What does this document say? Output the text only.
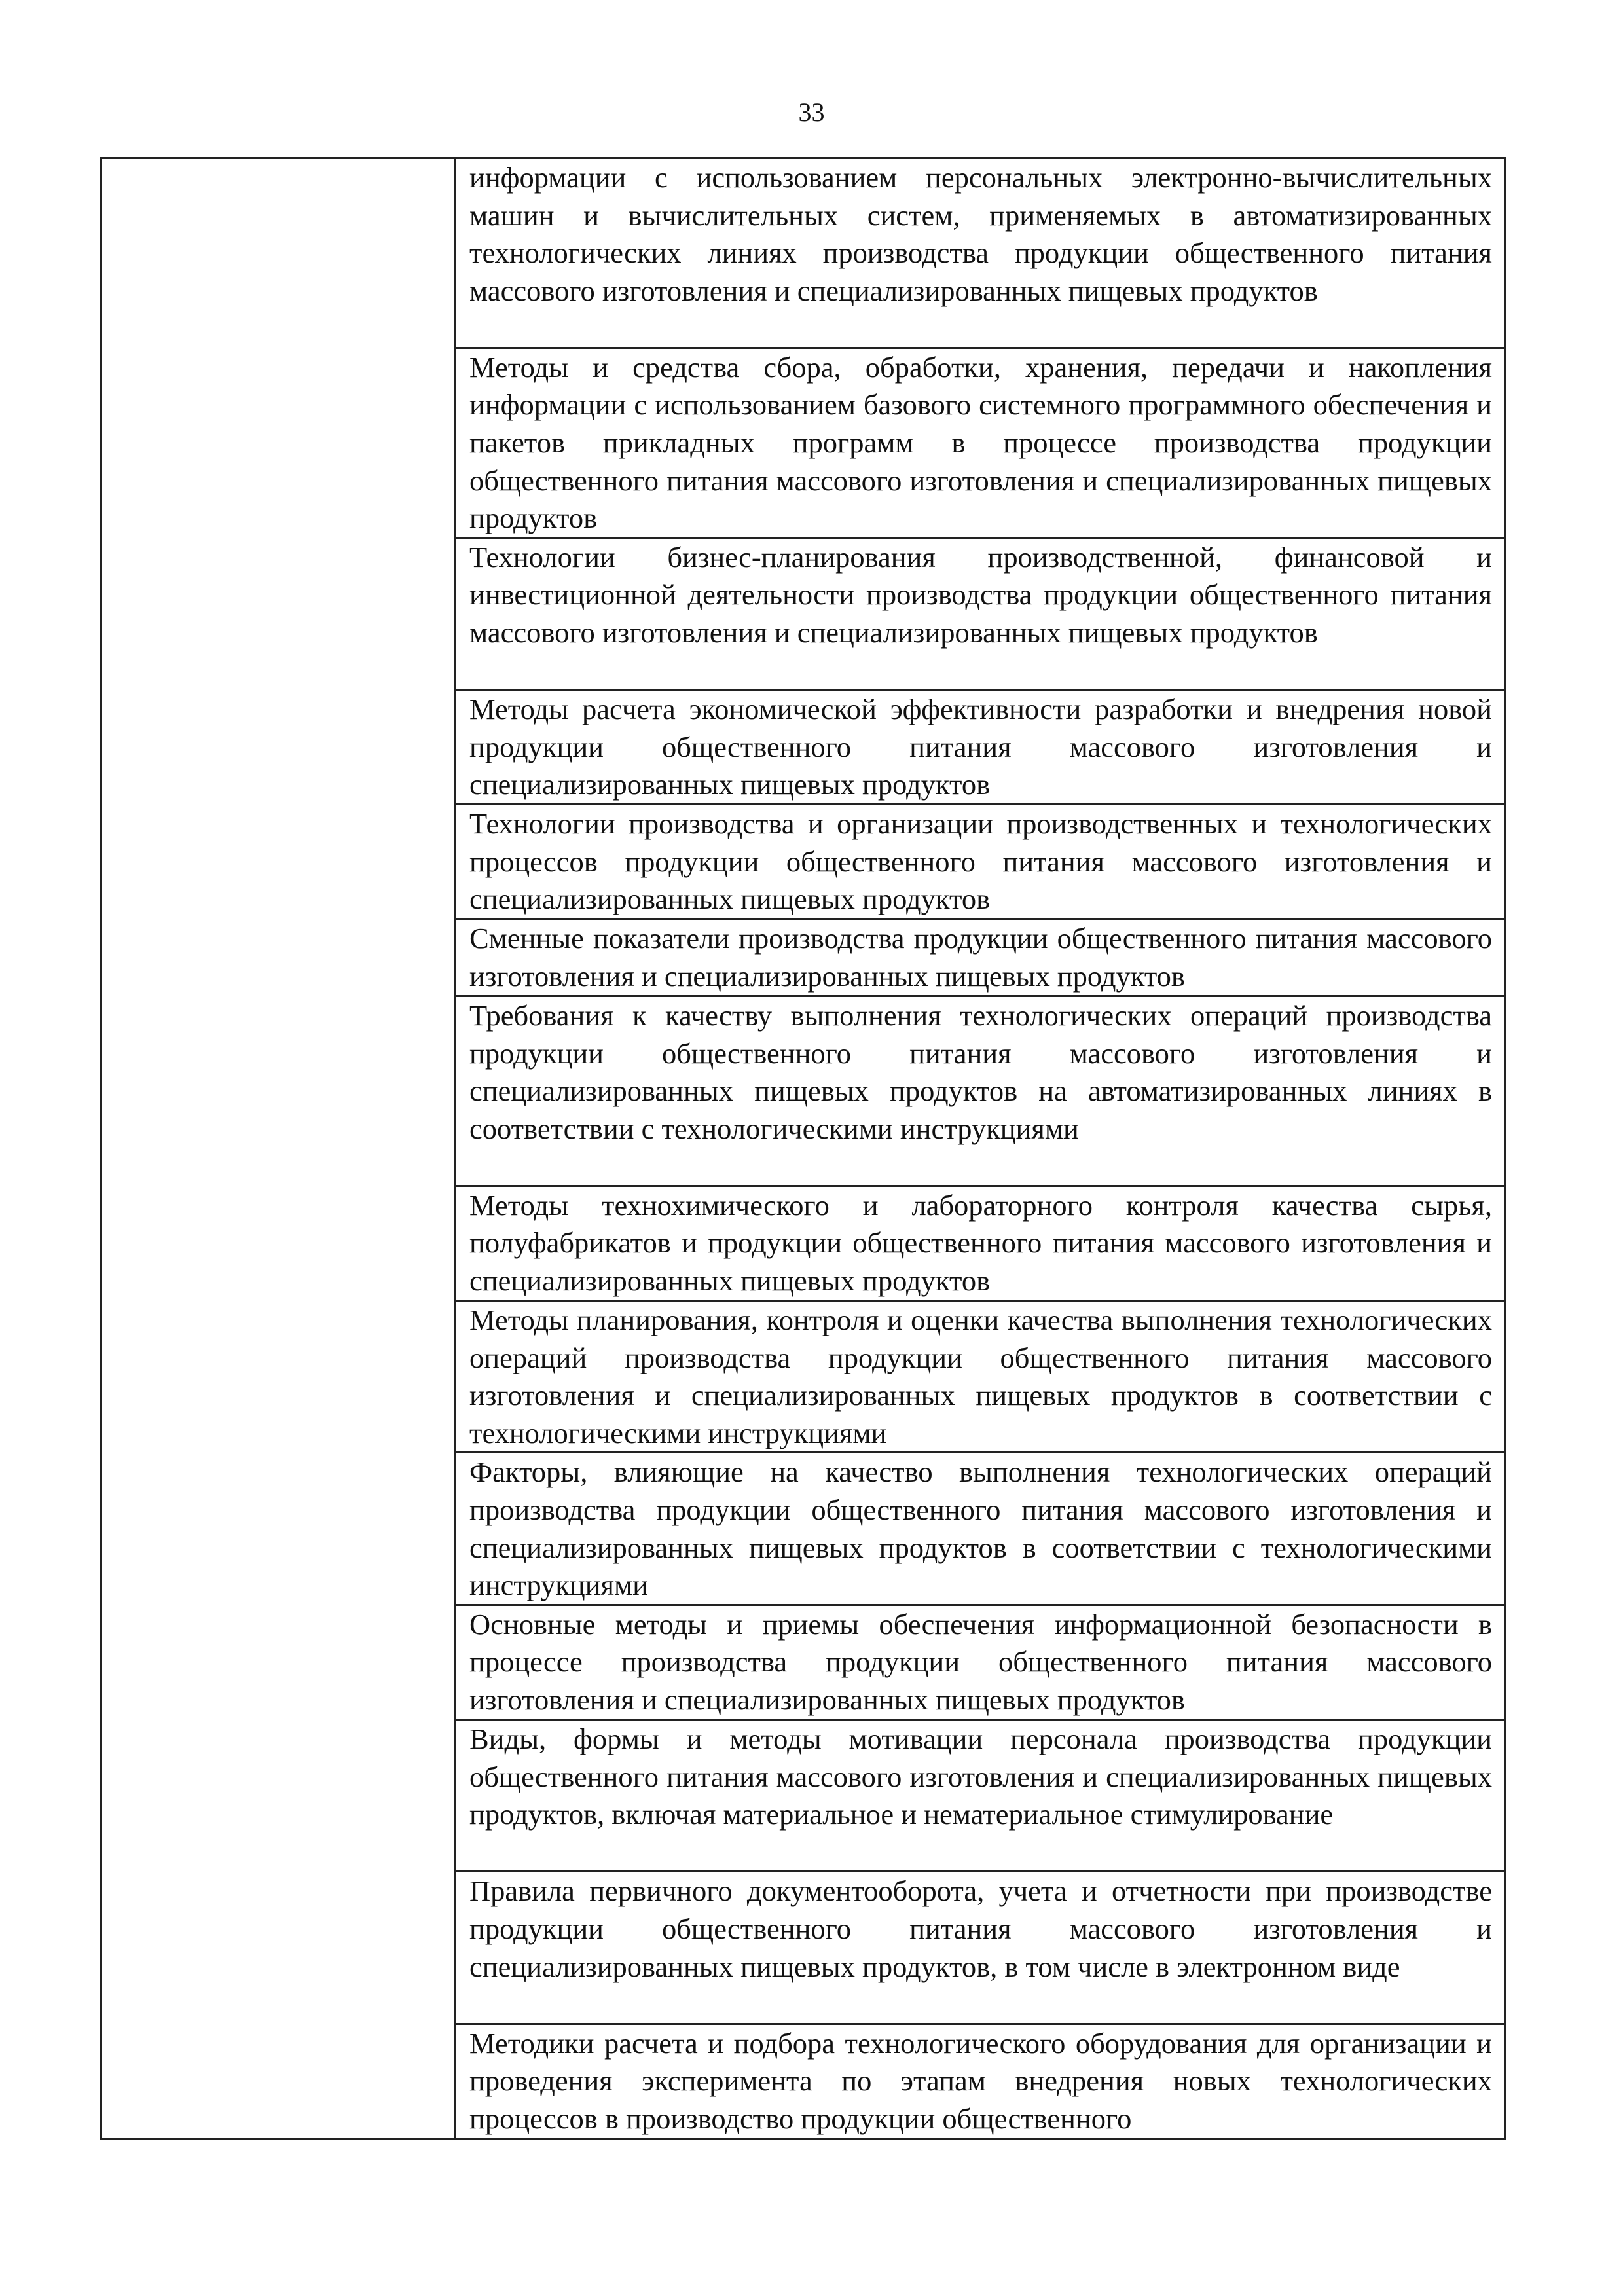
33
информации с использованием персональных электронно-вычислительных машин и вычислительных систем, применяемых в автоматизированных технологических линиях производства продукции общественного питания массового изготовления и специализированных пищевых продуктов
Методы и средства сбора, обработки, хранения, передачи и накопления информации с использованием базового системного программного обеспечения и пакетов прикладных программ в процессе производства продукции общественного питания массового изготовления и специализированных пищевых продуктов
Технологии бизнес-планирования производственной, финансовой и инвестиционной деятельности производства продукции общественного питания массового изготовления и специализированных пищевых продуктов
Методы расчета экономической эффективности разработки и внедрения новой продукции общественного питания массового изготовления и специализированных пищевых продуктов
Технологии производства и организации производственных и технологических процессов продукции общественного питания массового изготовления и специализированных пищевых продуктов
Сменные показатели производства продукции общественного питания массового изготовления и специализированных пищевых продуктов
Требования к качеству выполнения технологических операций производства продукции общественного питания массового изготовления и специализированных пищевых продуктов на автоматизированных линиях в соответствии с технологическими инструкциями
Методы технохимического и лабораторного контроля качества сырья, полуфабрикатов и продукции общественного питания массового изготовления и специализированных пищевых продуктов
Методы планирования, контроля и оценки качества выполнения технологических операций производства продукции общественного питания массового изготовления и специализированных пищевых продуктов в соответствии с технологическими инструкциями
Факторы, влияющие на качество выполнения технологических операций производства продукции общественного питания массового изготовления и специализированных пищевых продуктов в соответствии с технологическими инструкциями
Основные методы и приемы обеспечения информационной безопасности в процессе производства продукции общественного питания массового изготовления и специализированных пищевых продуктов
Виды, формы и методы мотивации персонала производства продукции общественного питания массового изготовления и специализированных пищевых продуктов, включая материальное и нематериальное стимулирование
Правила первичного документооборота, учета и отчетности при производстве продукции общественного питания массового изготовления и специализированных пищевых продуктов, в том числе в электронном виде
Методики расчета и подбора технологического оборудования для организации и проведения эксперимента по этапам внедрения новых технологических процессов в производство продукции общественного
